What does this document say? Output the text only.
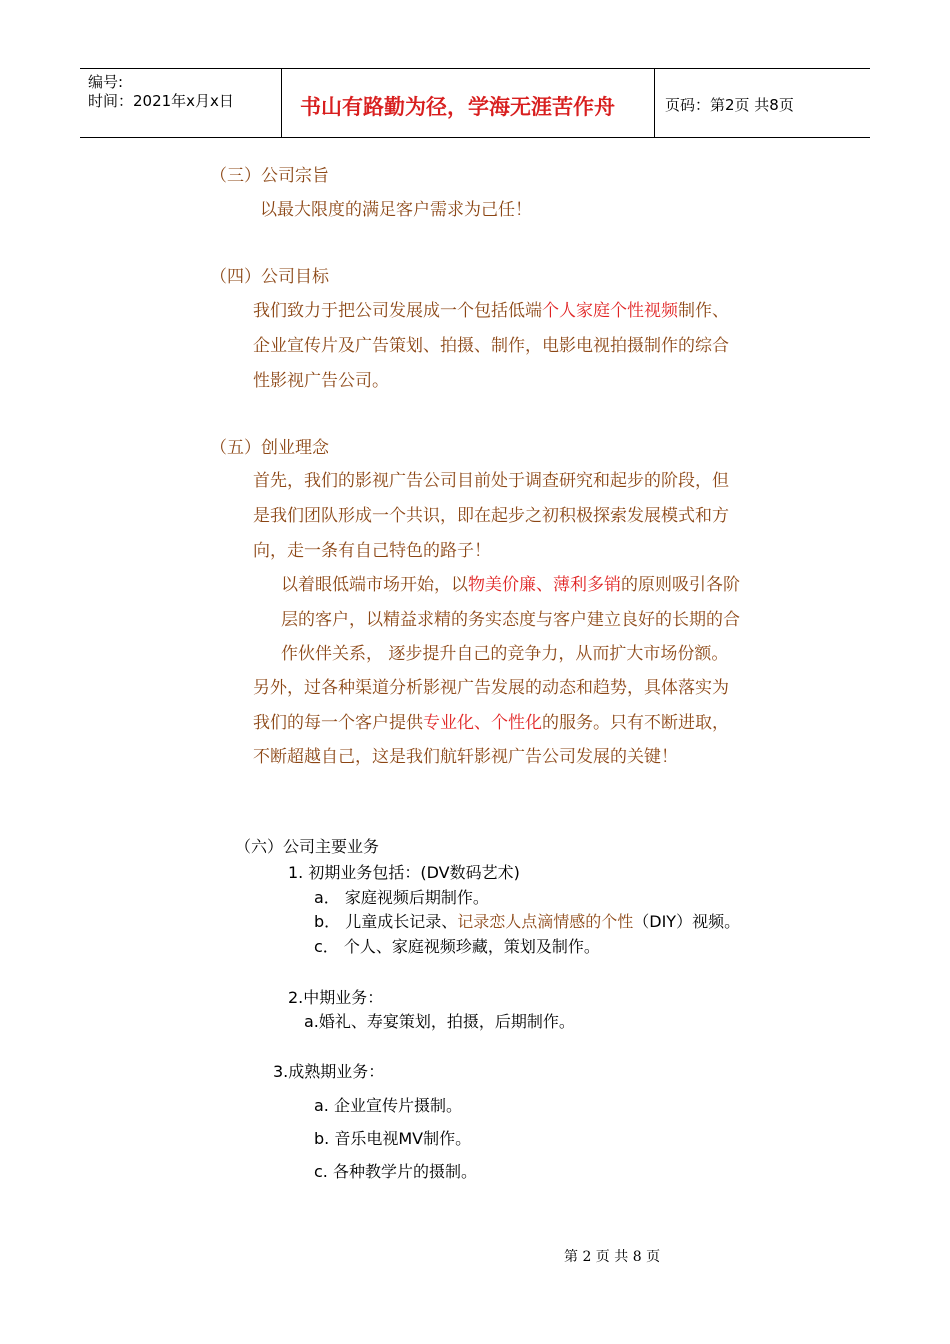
编号:
时间：2021年x月x日	书山有路勤为径，学海无涯苦作舟	页码：第2页 共8页
（三）公司宗旨
以最大限度的满足客户需求为己任！
（四）公司目标
我们致力于把公司发展成一个包括低端个人家庭个性视频制作、
企业宣传片及广告策划、拍摄、制作，电影电视拍摄制作的综合
性影视广告公司。
（五）创业理念
首先，我们的影视广告公司目前处于调查研究和起步的阶段，但
是我们团队形成一个共识，即在起步之初积极探索发展模式和方
向，走一条有自己特色的路子！
以着眼低端市场开始，以物美价廉、薄利多销的原则吸引各阶
层的客户，以精益求精的务实态度与客户建立良好的长期的合
作伙伴关系， 逐步提升自己的竞争力，从而扩大市场份额。
另外，过各种渠道分析影视广告发展的动态和趋势，具体落实为
我们的每一个客户提供专业化、个性化的服务。只有不断进取，
不断超越自己，这是我们航轩影视广告公司发展的关键！
（六）公司主要业务
1. 初期业务包括：(DV数码艺术)
a． 家庭视频后期制作。
b． 儿童成长记录、记录恋人点滴情感的个性（DIY）视频。
c． 个人、家庭视频珍藏，策划及制作。
2.中期业务：
a.婚礼、寿宴策划，拍摄，后期制作。
3.成熟期业务：
a. 企业宣传片摄制。
b. 音乐电视MV制作。
c. 各种教学片的摄制。
第 2 页 共 8 页
